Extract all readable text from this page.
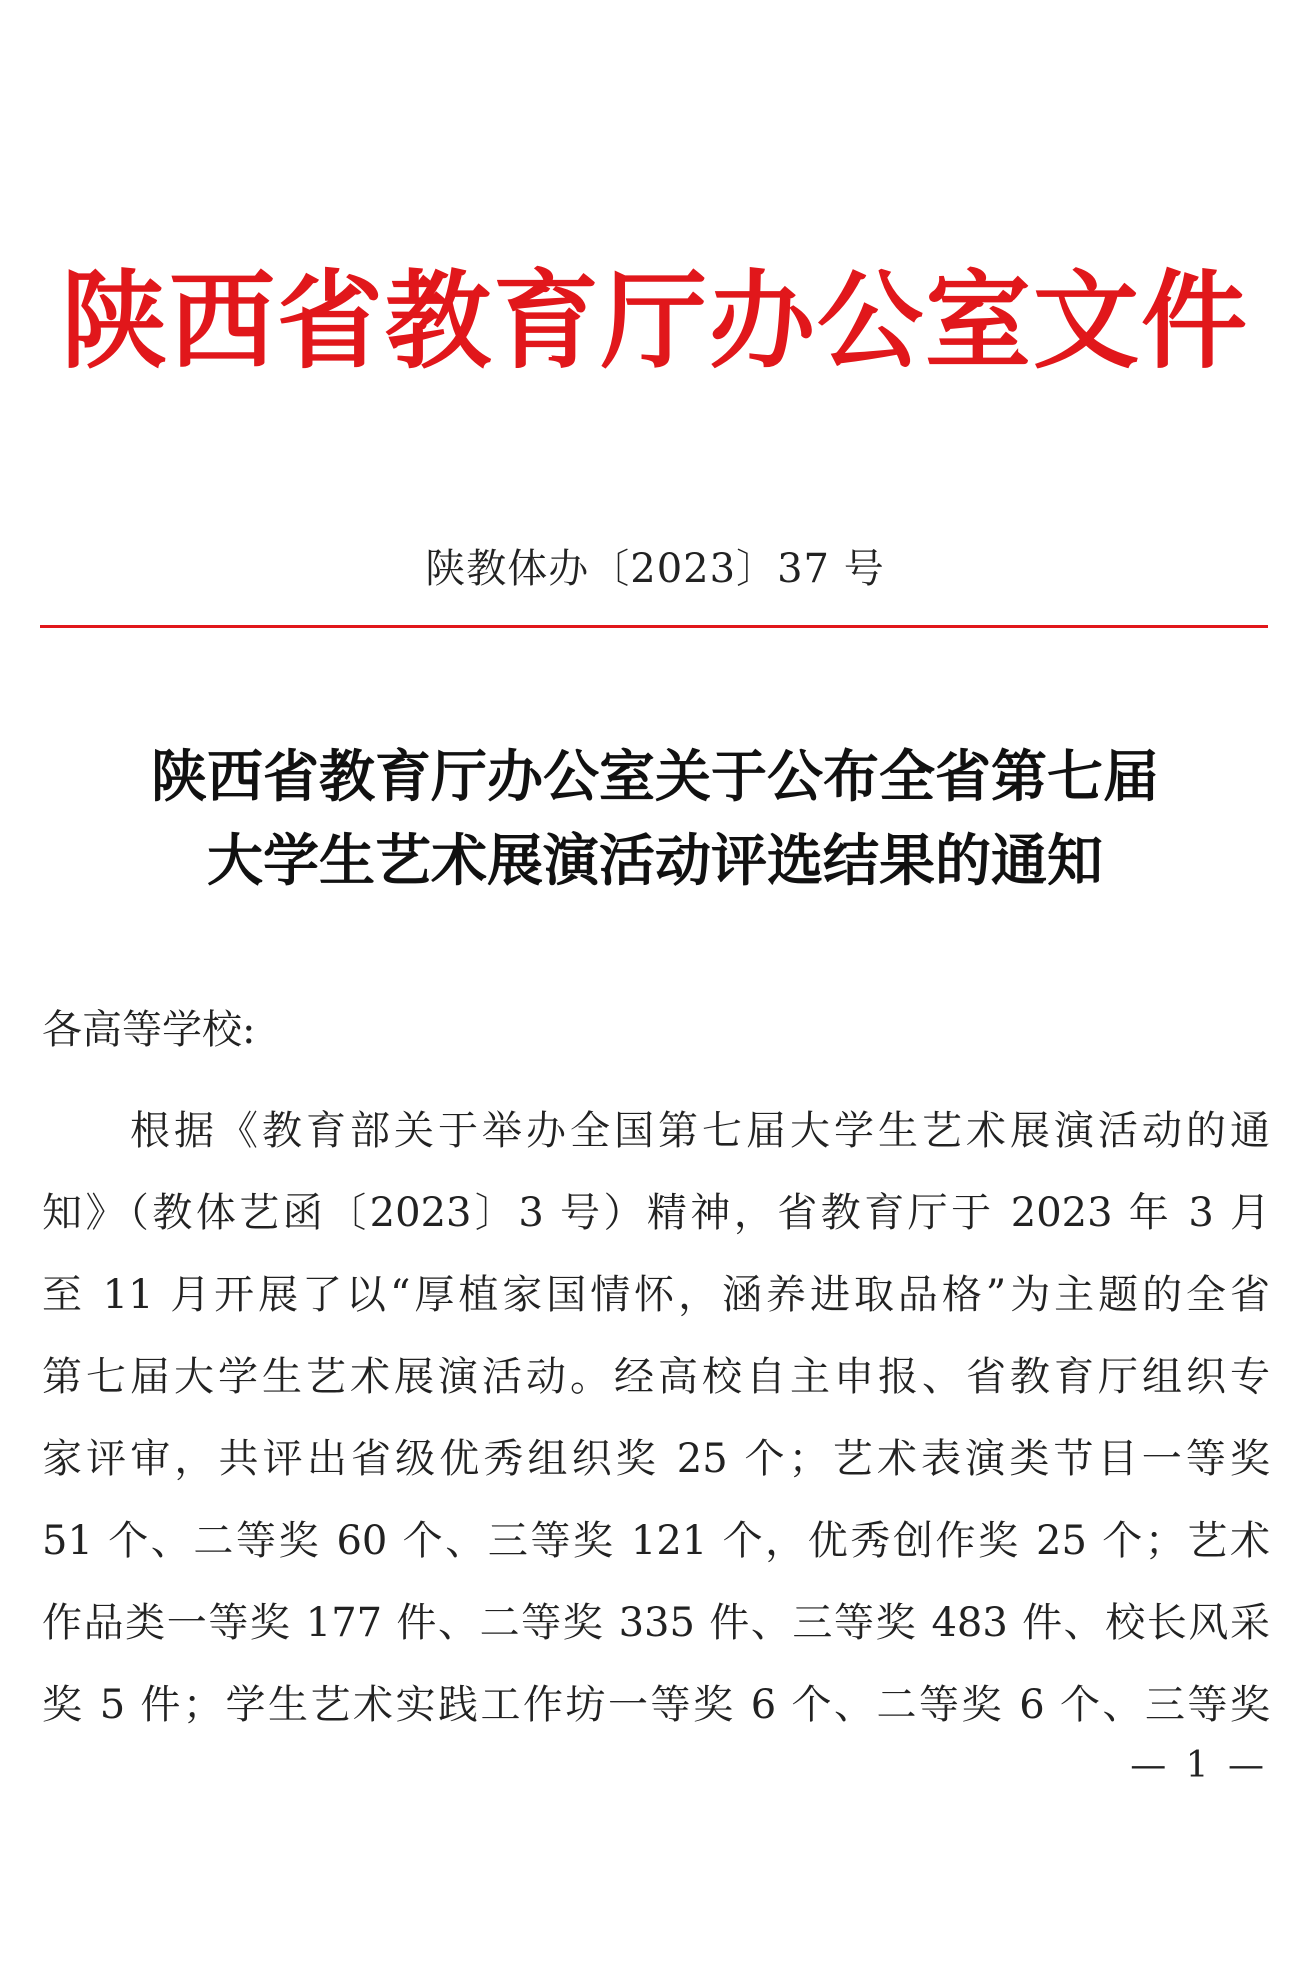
陕西省教育厅办公室文件
陕教体办〔2023〕37 号
陕西省教育厅办公室关于公布全省第七届
大学生艺术展演活动评选结果的通知
各高等学校:
根据《教育部关于举办全国第七届大学生艺术展演活动的通
知》（教体艺函〔2023〕3 号）精神，省教育厅于 2023 年 3 月
至 11 月开展了以“厚植家国情怀，涵养进取品格”为主题的全省
第七届大学生艺术展演活动。经高校自主申报、省教育厅组织专
家评审，共评出省级优秀组织奖 25 个；艺术表演类节目一等奖
51 个、二等奖 60 个、三等奖 121 个，优秀创作奖 25 个；艺术
作品类一等奖 177 件、二等奖 335 件、三等奖 483 件、校长风采
奖 5 件；学生艺术实践工作坊一等奖 6 个、二等奖 6 个、三等奖
— 1 —
